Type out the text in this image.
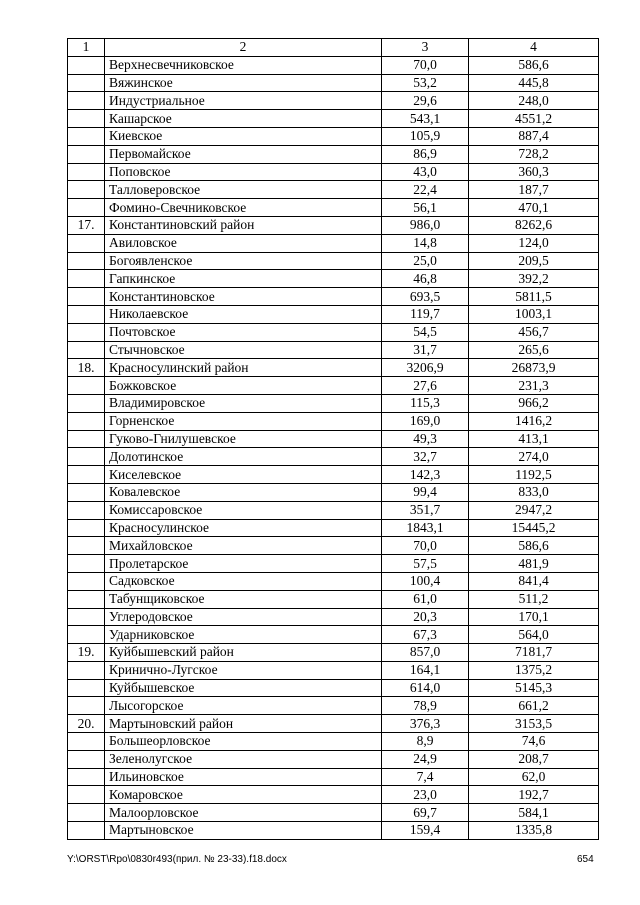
1	2	3	4
	Верхнесвечниковское	70,0	586,6
	Вяжинское	53,2	445,8
	Индустриальное	29,6	248,0
	Кашарское	543,1	4551,2
	Киевское	105,9	887,4
	Первомайское	86,9	728,2
	Поповское	43,0	360,3
	Талловеровское	22,4	187,7
	Фомино-Свечниковское	56,1	470,1
17.	Константиновский район	986,0	8262,6
	Авиловское	14,8	124,0
	Богоявленское	25,0	209,5
	Гапкинское	46,8	392,2
	Константиновское	693,5	5811,5
	Николаевское	119,7	1003,1
	Почтовское	54,5	456,7
	Стычновское	31,7	265,6
18.	Красносулинский район	3206,9	26873,9
	Божковское	27,6	231,3
	Владимировское	115,3	966,2
	Горненское	169,0	1416,2
	Гуково-Гнилушевское	49,3	413,1
	Долотинское	32,7	274,0
	Киселевское	142,3	1192,5
	Ковалевское	99,4	833,0
	Комиссаровское	351,7	2947,2
	Красносулинское	1843,1	15445,2
	Михайловское	70,0	586,6
	Пролетарское	57,5	481,9
	Садковское	100,4	841,4
	Табунщиковское	61,0	511,2
	Углеродовское	20,3	170,1
	Ударниковское	67,3	564,0
19.	Куйбышевский район	857,0	7181,7
	Кринично-Лугское	164,1	1375,2
	Куйбышевское	614,0	5145,3
	Лысогорское	78,9	661,2
20.	Мартыновский район	376,3	3153,5
	Большеорловское	8,9	74,6
	Зеленолугское	24,9	208,7
	Ильиновское	7,4	62,0
	Комаровское	23,0	192,7
	Малоорловское	69,7	584,1
	Мартыновское	159,4	1335,8
Y:\ORST\Rpo\0830r493(прил. № 23-33).f18.docx	654
